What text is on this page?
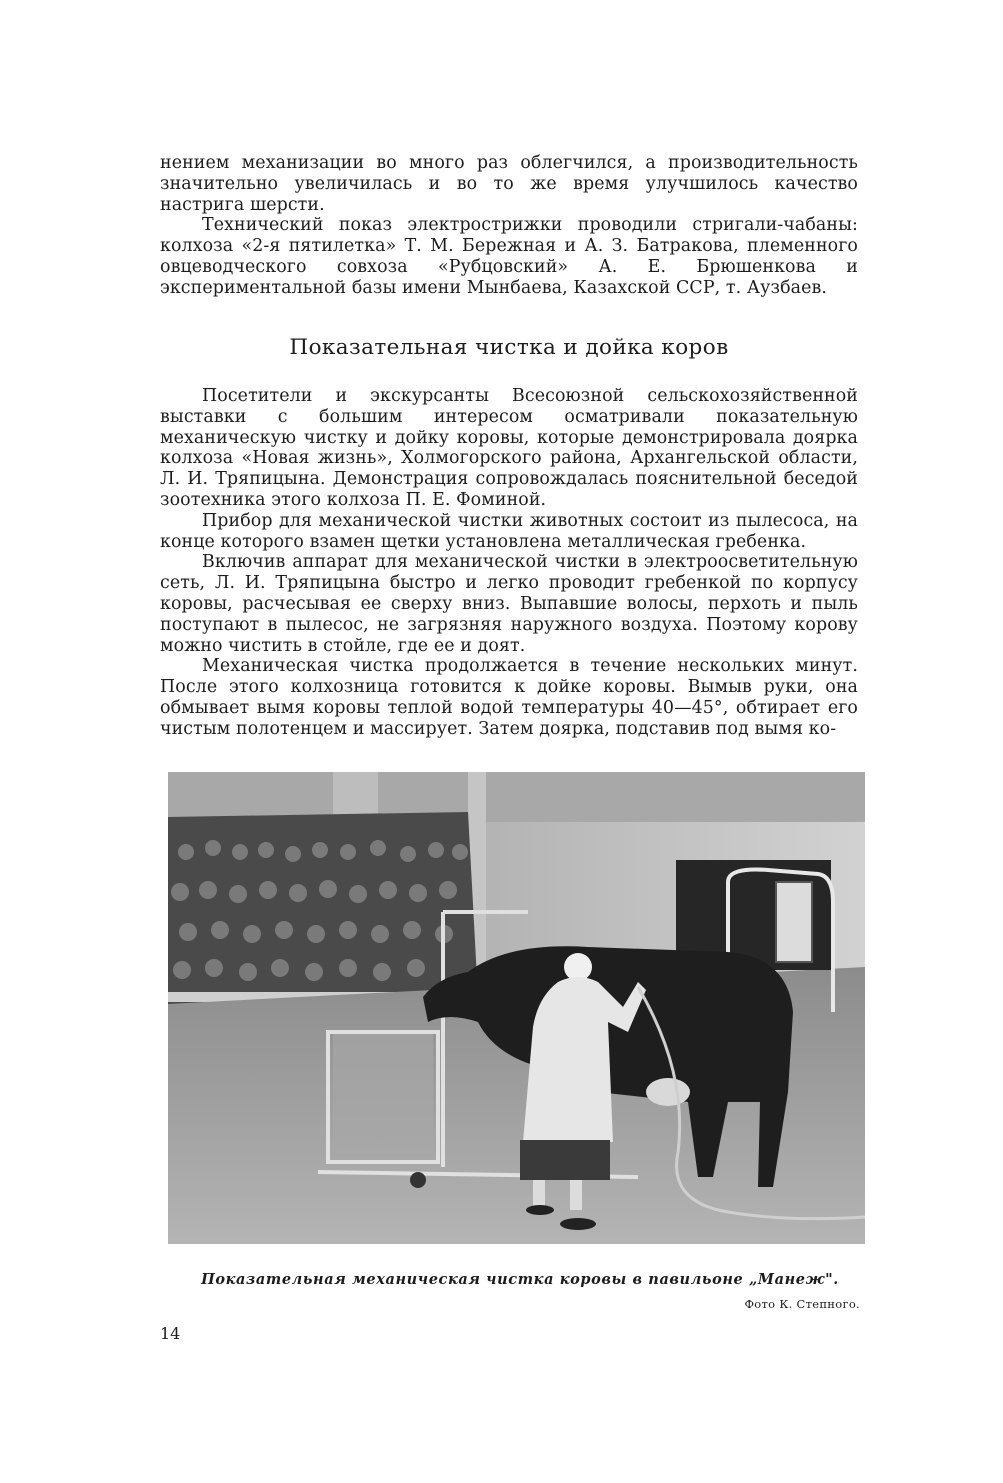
нением механизации во много раз облегчился, а производительность значительно увеличилась и во то же время улучшилось качество настрига шерсти.

Технический показ электрострижки проводили стригали-чабаны: колхоза «2-я пятилетка» Т. М. Бережная и А. З. Батракова, племенного овцеводческого совхоза «Рубцовский» А. Е. Брюшенкова и экспериментальной базы имени Мынбаева, Казахской ССР, т. Аузбаев.

Показательная чистка и дойка коров

Посетители и экскурсанты Всесоюзной сельскохозяйственной выставки с большим интересом осматривали показательную механическую чистку и дойку коровы, которые демонстрировала доярка колхоза «Новая жизнь», Холмогорского района, Архангельской области, Л. И. Тряпицына. Демонстрация сопровождалась пояснительной беседой зоотехника этого колхоза П. Е. Фоминой.

Прибор для механической чистки животных состоит из пылесоса, на конце которого взамен щетки установлена металлическая гребенка.

Включив аппарат для механической чистки в электроосветительную сеть, Л. И. Тряпицына быстро и легко проводит гребенкой по корпусу коровы, расчесывая ее сверху вниз. Выпавшие волосы, перхоть и пыль поступают в пылесос, не загрязняя наружного воздуха. Поэтому корову можно чистить в стойле, где ее и доят.

Механическая чистка продолжается в течение нескольких минут. После этого колхозница готовится к дойке коровы. Вымыв руки, она обмывает вымя коровы теплой водой температуры 40—45°, обтирает его чистым полотенцем и массирует. Затем доярка, подставив под вымя ко-

Показательная механическая чистка коровы в павильоне „Манеж".

Фото К. Степного.

14
